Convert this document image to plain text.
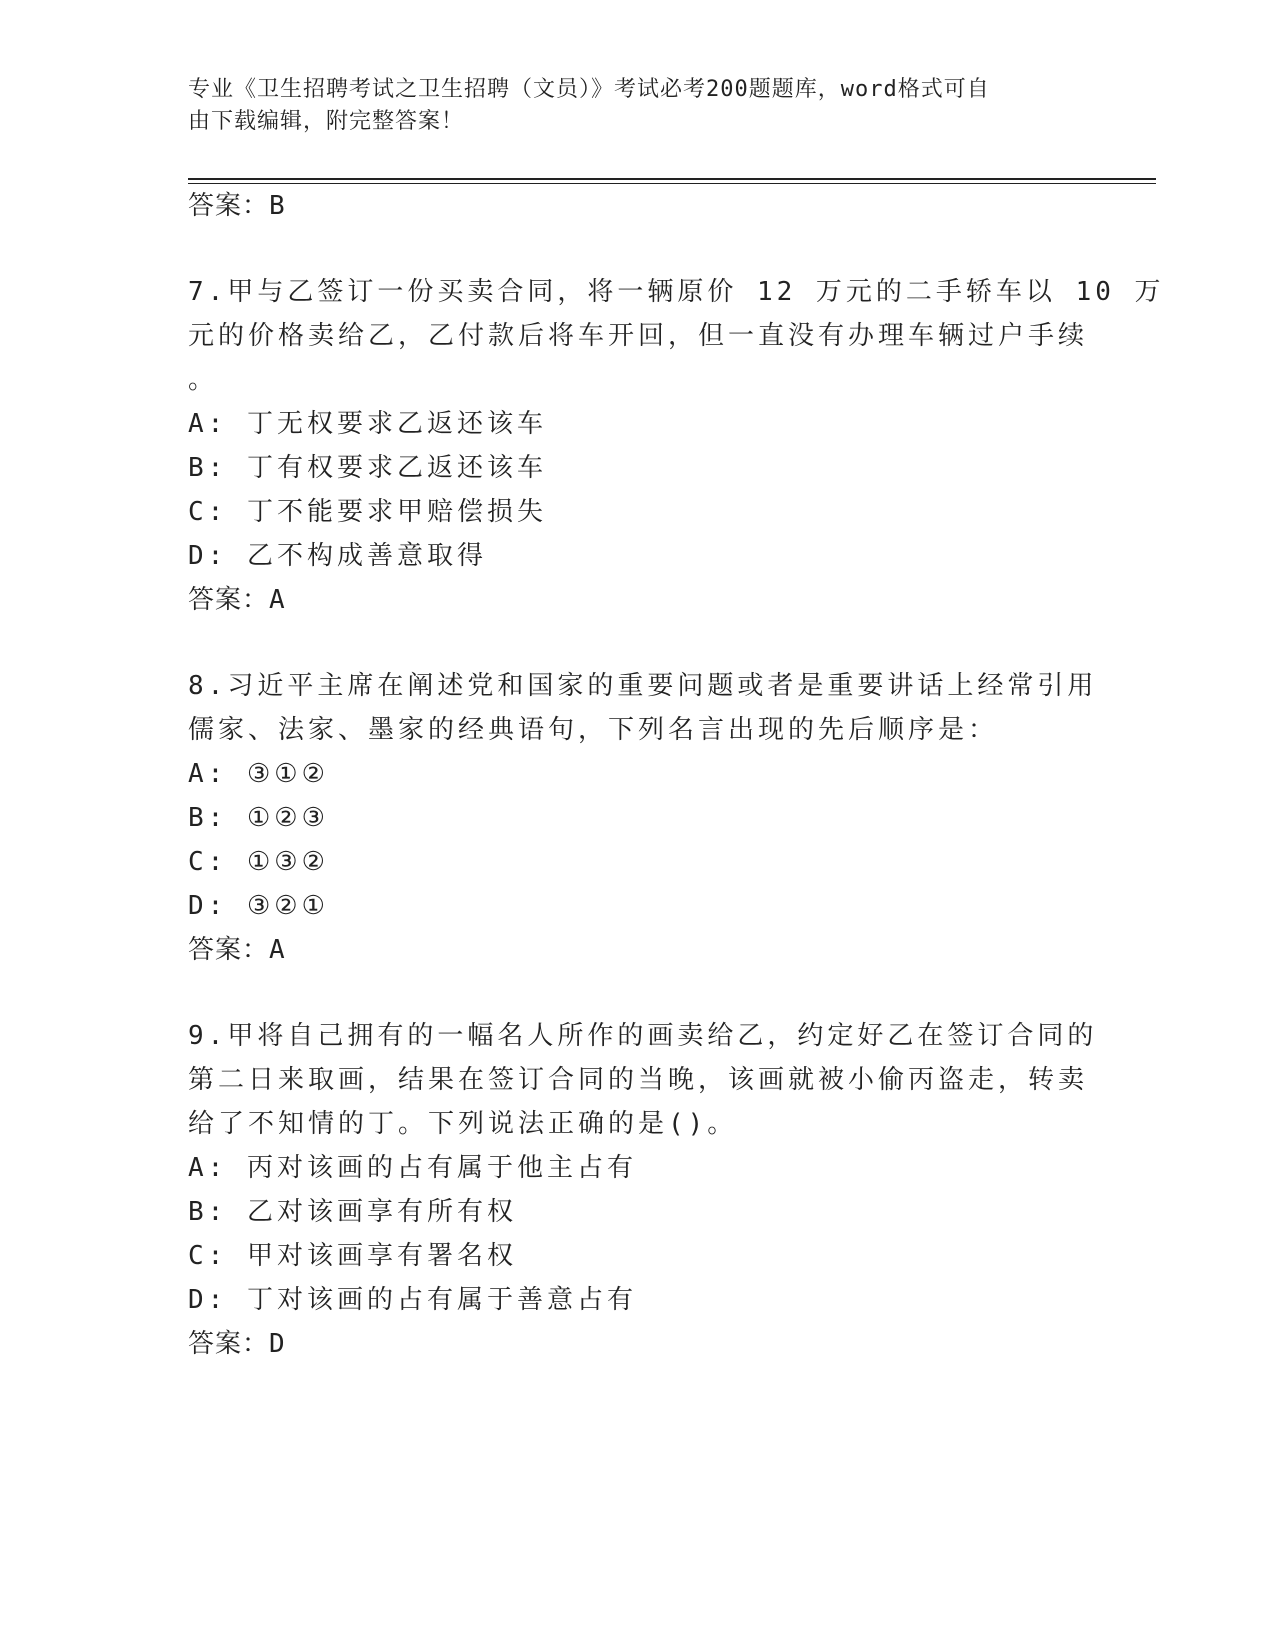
专业《卫生招聘考试之卫生招聘（文员）》考试必考200题题库，word格式可自
由下载编辑，附完整答案！
答案：B
7.甲与乙签订一份买卖合同，将一辆原价 12 万元的二手轿车以 10 万
元的价格卖给乙，乙付款后将车开回，但一直没有办理车辆过户手续
。
A: 丁无权要求乙返还该车
B: 丁有权要求乙返还该车
C: 丁不能要求甲赔偿损失
D: 乙不构成善意取得
答案：A
8.习近平主席在阐述党和国家的重要问题或者是重要讲话上经常引用
儒家、法家、墨家的经典语句，下列名言出现的先后顺序是：
A: ③①②
B: ①②③
C: ①③②
D: ③②①
答案：A
9.甲将自己拥有的一幅名人所作的画卖给乙，约定好乙在签订合同的
第二日来取画，结果在签订合同的当晚，该画就被小偷丙盗走，转卖
给了不知情的丁。下列说法正确的是()。
A: 丙对该画的占有属于他主占有
B: 乙对该画享有所有权
C: 甲对该画享有署名权
D: 丁对该画的占有属于善意占有
答案：D
